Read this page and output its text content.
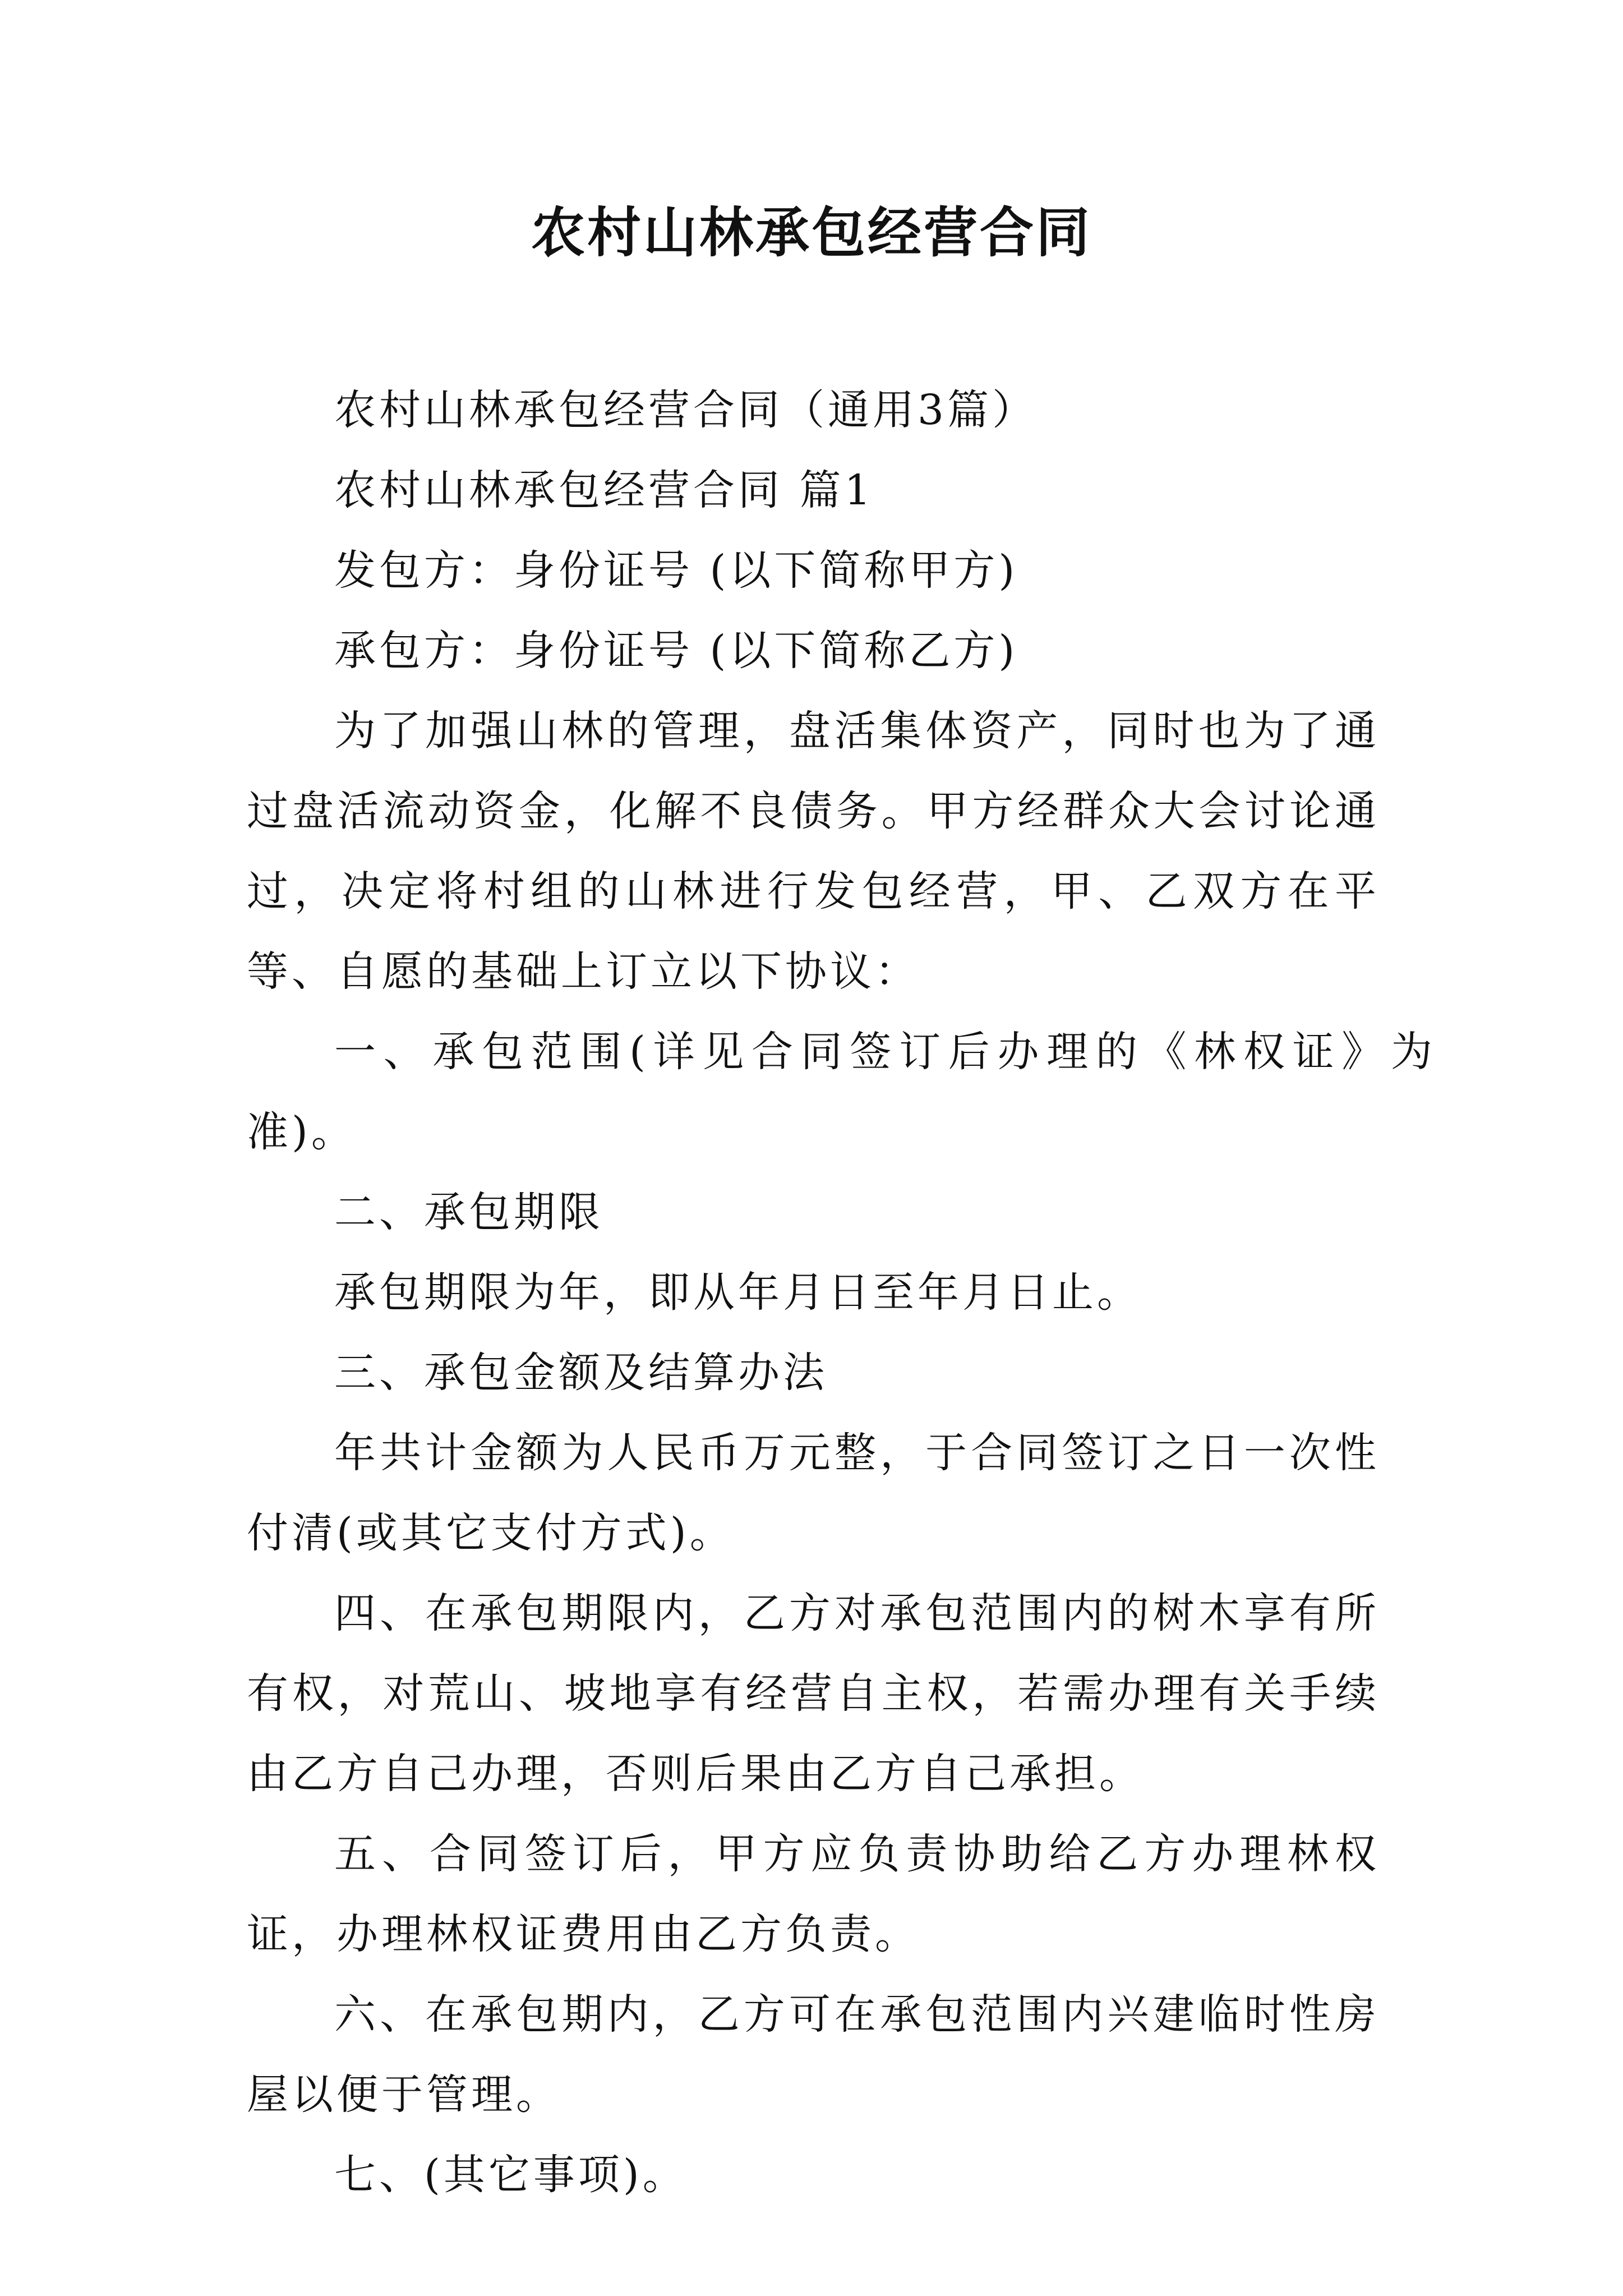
农村山林承包经营合同

农村山林承包经营合同（通用3篇）

农村山林承包经营合同 篇1

发包方：身份证号 (以下简称甲方)

承包方：身份证号 (以下简称乙方)

为了加强山林的管理，盘活集体资产，同时也为了通过盘活流动资金，化解不良债务。甲方经群众大会讨论通过，决定将村组的山林进行发包经营，甲、乙双方在平等、自愿的基础上订立以下协议：

一、承包范围(详见合同签订后办理的《林权证》为准)。

二、承包期限

承包期限为年，即从年月日至年月日止。

三、承包金额及结算办法

年共计金额为人民币万元整，于合同签订之日一次性付清(或其它支付方式)。

四、在承包期限内，乙方对承包范围内的树木享有所有权，对荒山、坡地享有经营自主权，若需办理有关手续由乙方自己办理，否则后果由乙方自己承担。

五、合同签订后，甲方应负责协助给乙方办理林权证，办理林权证费用由乙方负责。

六、在承包期内，乙方可在承包范围内兴建临时性房屋以便于管理。

七、(其它事项)。
